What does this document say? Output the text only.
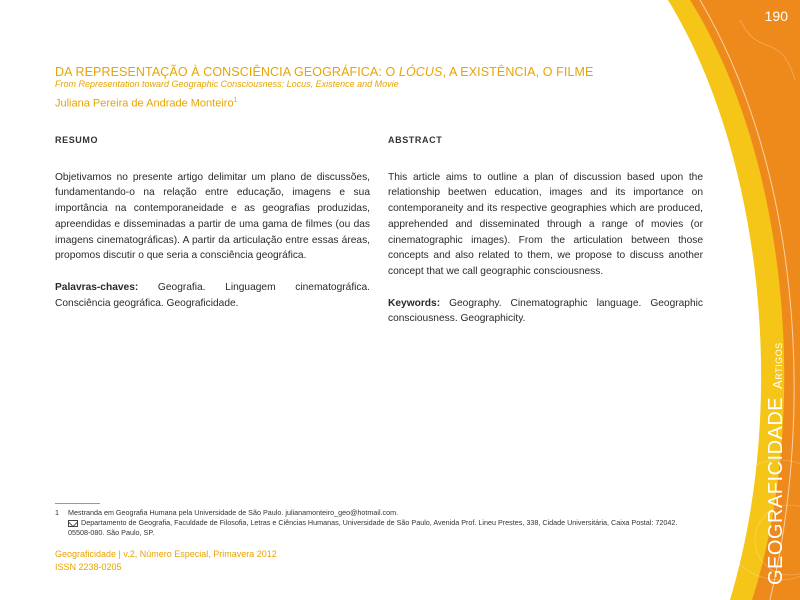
190
DA REPRESENTAÇÃO À CONSCIÊNCIA GEOGRÁFICA: O LÓCUS, A EXISTÊNCIA, O FILME
From Representation toward Geographic Consciousness: Locus, Existence and Movie
Juliana Pereira de Andrade Monteiro$^1$
RESUMO

Objetivamos no presente artigo delimitar um plano de discussões, fundamentando-o na relação entre educação, imagens e sua importância na contemporaneidade e as geografias produzidas, apreendidas e disseminadas a partir de uma gama de filmes (ou das imagens cinematográficas). A partir da articulação entre essas áreas, propomos discutir o que seria a consciência geográfica.

Palavras-chaves: Geografia. Linguagem cinematográfica. Consciência geográfica. Geograficidade.

ABSTRACT

This article aims to outline a plan of discussion based upon the relationship beetwen education, images and its importance on contemporaneity and its respective geographies which are produced, apprehended and disseminated through a range of movies (or cinematographic images). From the articulation between those concepts and also related to them, we propose to discuss another concept that we call geographic consciousness.

Keywords: Geography. Cinematographic language. Geographic consciousness. Geographicity.

GEOGRAFICIDADEArtigos
1 Mestranda em Geografia Humana pela Universidade de São Paulo. julianamonteiro_geo@hotmail.com.
Departamento de Geografia, Faculdade de Filosofia, Letras e Ciências Humanas, Universidade de São Paulo, Avenida Prof. Lineu Prestes, 338, Cidade Universitária, Caixa Postal: 72042. 05508-080. São Paulo, SP.
Geograficidade | v.2, Número Especial, Primavera 2012
ISSN 2238-0205
